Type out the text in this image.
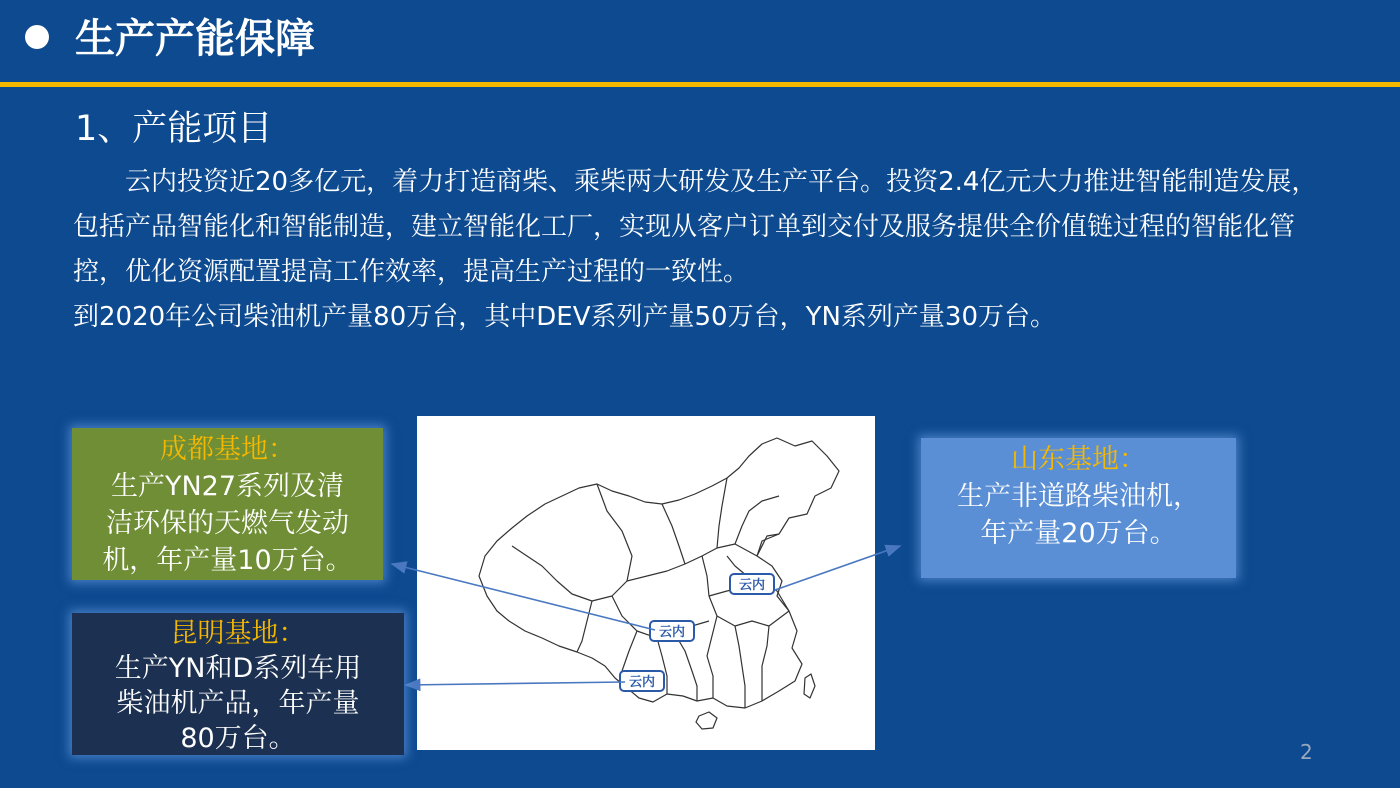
生产产能保障
1、产能项目

云内投资近20多亿元，着力打造商柴、乘柴两大研发及生产平台。投资2.4亿元大力推进智能制造发展，包括产品智能化和智能制造，建立智能化工厂，实现从客户订单到交付及服务提供全价值链过程的智能化管控，优化资源配置提高工作效率，提高生产过程的一致性。

到2020年公司柴油机产量80万台，其中DEV系列产量50万台，YN系列产量30万台。

云内
云内
云内
成都基地：
生产YN27系列及清
洁环保的天燃气发动
机，年产量10万台。
昆明基地：
生产YN和D系列车用
柴油机产品，年产量
80万台。
山东基地：
生产非道路柴油机，
年产量20万台。
2
